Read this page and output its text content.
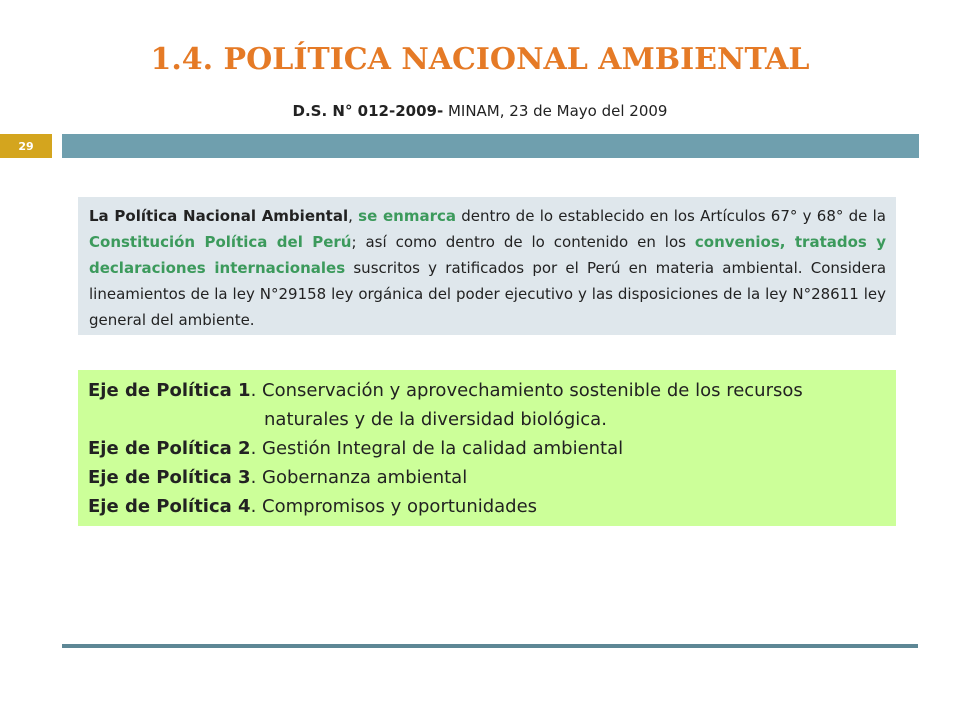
1.4. POLÍTICA NACIONAL AMBIENTAL
D.S. N° 012-2009- MINAM, 23 de Mayo del 2009
29
La Política Nacional Ambiental, se enmarca dentro de lo establecido en los Artículos 67° y 68° de la Constitución Política del Perú; así como dentro de lo contenido en los convenios, tratados y declaraciones internacionales suscritos y ratificados por el Perú en materia ambiental. Considera lineamientos de la ley N°29158 ley orgánica del poder ejecutivo y las disposiciones de la ley N°28611 ley general del ambiente.
Eje de Política 1. Conservación y aprovechamiento sostenible de los recursos
naturales y de la diversidad biológica.
Eje de Política 2. Gestión Integral de la calidad ambiental
Eje de Política 3. Gobernanza ambiental
Eje de Política 4. Compromisos y oportunidades
